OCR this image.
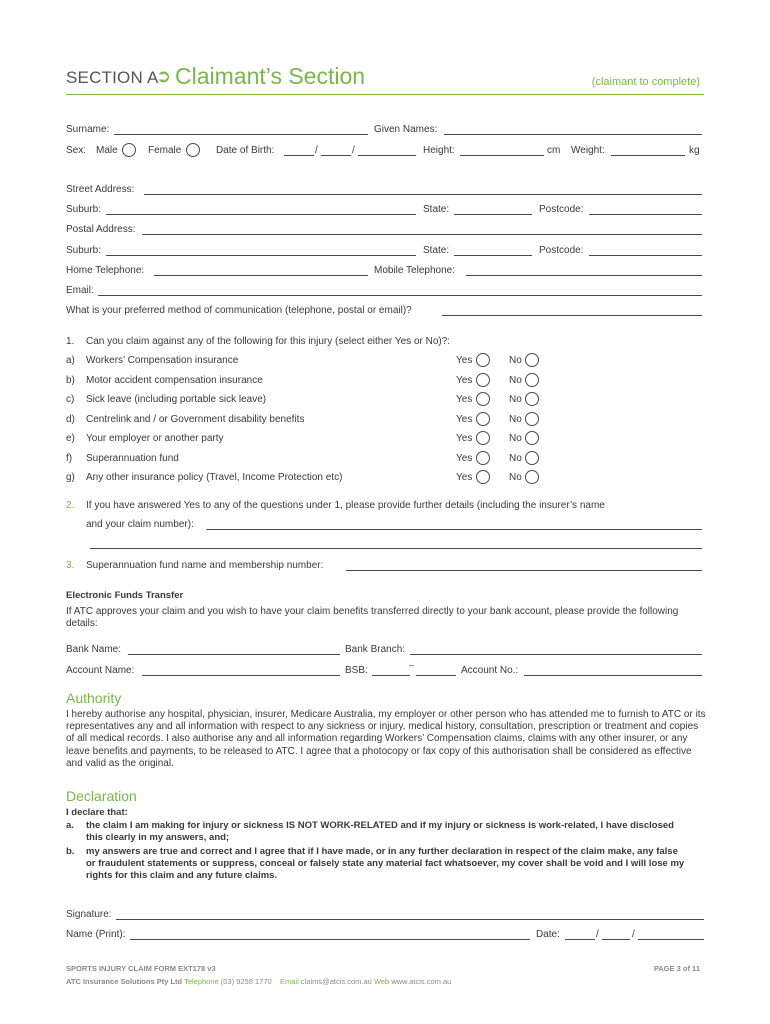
SECTION A
➲ Claimant’s Section	(claimant to complete)
Surname:	Given Names:
Sex: Male	Female	Date of Birth:	/	/	Height:	cm Weight:	kg
Street Address:
Suburb:	State:	Postcode:
Postal Address:
Suburb:	State:	Postcode:
Home Telephone:	Mobile Telephone:
Email:
What is your preferred method of communication (telephone, postal or email)?
1. Can you claim against any of the following for this injury (select either Yes or No)?:
a) Workers’ Compensation insurance	Yes	No
b) Motor accident compensation insurance	Yes	No
c) Sick leave (including portable sick leave)	Yes	No
d) Centrelink and / or Government disability benefits	Yes	No
e) Your employer or another party	Yes	No
f) Superannuation fund	Yes	No
g) Any other insurance policy (Travel, Income Protection etc)	Yes	No
2. If you have answered Yes to any of the questions under 1, please provide further details (including the insurer’s name
and your claim number):
3. Superannuation fund name and membership number:
Electronic Funds Transfer
If ATC approves your claim and you wish to have your claim benefits transferred directly to your bank account, please provide the following details:
Bank Name:	Bank Branch:
Account Name:	BSB:	–	Account No.:
Authority
I hereby authorise any hospital, physician, insurer, Medicare Australia, my employer or other person who has attended me to furnish to ATC or its representatives any and all information with respect to any sickness or injury, medical history, consultation, prescription or treatment and copies of all medical records. I also authorise any and all information regarding Workers’ Compensation claims, claims with any other insurer, or any leave benefits and payments, to be released to ATC. I agree that a photocopy or fax copy of this authorisation shall be considered as effective and valid as the original.
Declaration
I declare that:
a. the claim I am making for injury or sickness IS NOT WORK-RELATED and if my injury or sickness is work-related, I have disclosed this clearly in my answers, and;
b. my answers are true and correct and I agree that if I have made, or in any further declaration in respect of the claim make, any false or fraudulent statements or suppress, conceal or falsely state any material fact whatsoever, my cover shall be void and I will lose my rights for this claim and any future claims.
Signature:
Name (Print):	Date:	/	/
SPORTS INJURY CLAIM FORM EXT178 v3	PAGE 3 of 11
ATC Insurance Solutions Pty Ltd Telephone (03) 9258 1770 Email claims@atcis.com.au Web www.atcis.com.au
